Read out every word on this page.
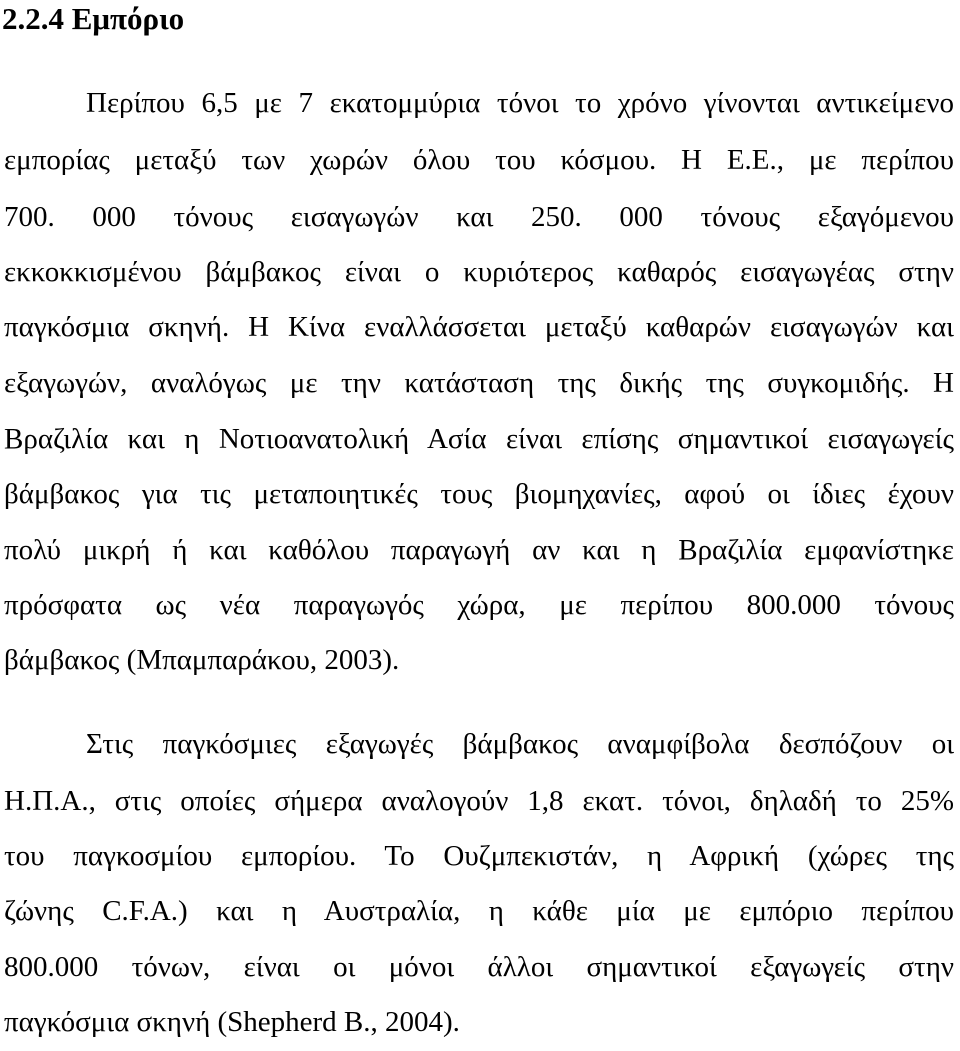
2.2.4 Εμπόριο
Περίπου 6,5 με 7 εκατομμύρια τόνοι το χρόνο γίνονται αντικείμενο
εμπορίας μεταξύ των χωρών όλου του κόσμου. Η Ε.Ε., με περίπου
700. 000 τόνους εισαγωγών και 250. 000 τόνους εξαγόμενου
εκκοκκισμένου βάμβακος είναι ο κυριότερος καθαρός εισαγωγέας στην
παγκόσμια σκηνή. Η Κίνα εναλλάσσεται μεταξύ καθαρών εισαγωγών και
εξαγωγών, αναλόγως με την κατάσταση της δικής της συγκομιδής. Η
Βραζιλία και η Νοτιοανατολική Ασία είναι επίσης σημαντικοί εισαγωγείς
βάμβακος για τις μεταποιητικές τους βιομηχανίες, αφού οι ίδιες έχουν
πολύ μικρή ή και καθόλου παραγωγή αν και η Βραζιλία εμφανίστηκε
πρόσφατα ως νέα παραγωγός χώρα, με περίπου 800.000 τόνους
βάμβακος (Μπαμπαράκου, 2003).
Στις παγκόσμιες εξαγωγές βάμβακος αναμφίβολα δεσπόζουν οι
Η.Π.Α., στις οποίες σήμερα αναλογούν 1,8 εκατ. τόνοι, δηλαδή το 25%
του παγκοσμίου εμπορίου. Το Ουζμπεκιστάν, η Αφρική (χώρες της
ζώνης C.F.A.) και η Αυστραλία, η κάθε μία με εμπόριο περίπου
800.000 τόνων, είναι οι μόνοι άλλοι σημαντικοί εξαγωγείς στην
παγκόσμια σκηνή (Shepherd B., 2004).
